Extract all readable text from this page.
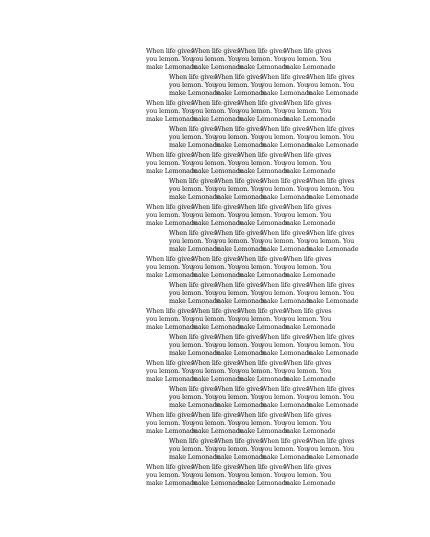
When life gives
you lemon. You
make Lemonade
When life gives
you lemon. You
make Lemonade
When life gives
you lemon. You
make Lemonade
When life gives
you lemon. You
make Lemonade
When life gives
you lemon. You
make Lemonade
When life gives
you lemon. You
make Lemonade
When life gives
you lemon. You
make Lemonade
When life gives
you lemon. You
make Lemonade
When life gives
you lemon. You
make Lemonade
When life gives
you lemon. You
make Lemonade
When life gives
you lemon. You
make Lemonade
When life gives
you lemon. You
make Lemonade
When life gives
you lemon. You
make Lemonade
When life gives
you lemon. You
make Lemonade
When life gives
you lemon. You
make Lemonade
When life gives
you lemon. You
make Lemonade
When life gives
you lemon. You
make Lemonade
When life gives
you lemon. You
make Lemonade
When life gives
you lemon. You
make Lemonade
When life gives
you lemon. You
make Lemonade
When life gives
you lemon. You
make Lemonade
When life gives
you lemon. You
make Lemonade
When life gives
you lemon. You
make Lemonade
When life gives
you lemon. You
make Lemonade
When life gives
you lemon. You
make Lemonade
When life gives
you lemon. You
make Lemonade
When life gives
you lemon. You
make Lemonade
When life gives
you lemon. You
make Lemonade
When life gives
you lemon. You
make Lemonade
When life gives
you lemon. You
make Lemonade
When life gives
you lemon. You
make Lemonade
When life gives
you lemon. You
make Lemonade
When life gives
you lemon. You
make Lemonade
When life gives
you lemon. You
make Lemonade
When life gives
you lemon. You
make Lemonade
When life gives
you lemon. You
make Lemonade
When life gives
you lemon. You
make Lemonade
When life gives
you lemon. You
make Lemonade
When life gives
you lemon. You
make Lemonade
When life gives
you lemon. You
make Lemonade
When life gives
you lemon. You
make Lemonade
When life gives
you lemon. You
make Lemonade
When life gives
you lemon. You
make Lemonade
When life gives
you lemon. You
make Lemonade
When life gives
you lemon. You
make Lemonade
When life gives
you lemon. You
make Lemonade
When life gives
you lemon. You
make Lemonade
When life gives
you lemon. You
make Lemonade
When life gives
you lemon. You
make Lemonade
When life gives
you lemon. You
make Lemonade
When life gives
you lemon. You
make Lemonade
When life gives
you lemon. You
make Lemonade
When life gives
you lemon. You
make Lemonade
When life gives
you lemon. You
make Lemonade
When life gives
you lemon. You
make Lemonade
When life gives
you lemon. You
make Lemonade
When life gives
you lemon. You
make Lemonade
When life gives
you lemon. You
make Lemonade
When life gives
you lemon. You
make Lemonade
When life gives
you lemon. You
make Lemonade
When life gives
you lemon. You
make Lemonade
When life gives
you lemon. You
make Lemonade
When life gives
you lemon. You
make Lemonade
When life gives
you lemon. You
make Lemonade
When life gives
you lemon. You
make Lemonade
When life gives
you lemon. You
make Lemonade
When life gives
you lemon. You
make Lemonade
When life gives
you lemon. You
make Lemonade
